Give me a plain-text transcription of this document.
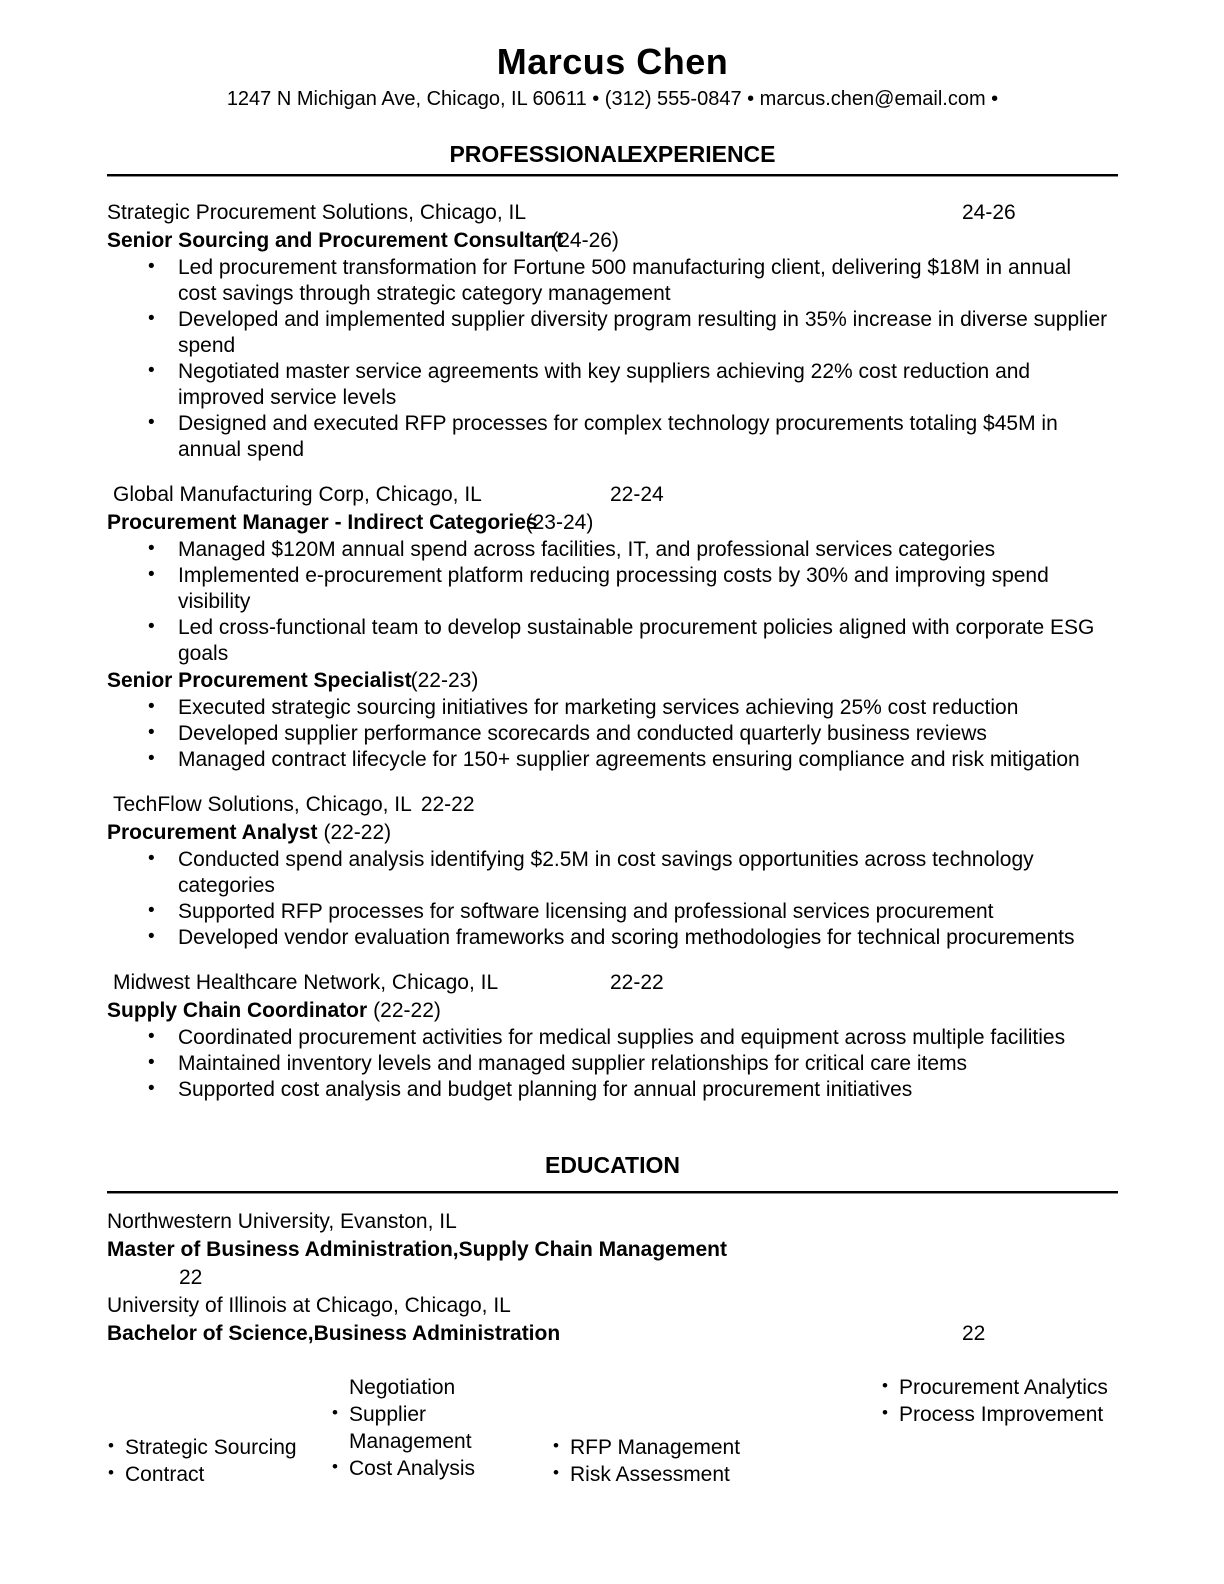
Marcus Chen
1247 N Michigan Ave, Chicago, IL 60611 • (312) 555-0847 • marcus.chen@email.com •
PROFESSIONAL EXPERIENCE
Strategic Procurement Solutions, Chicago, IL	24-26
Senior Sourcing and Procurement Consultant(24-26)
• Led procurement transformation for Fortune 500 manufacturing client, delivering $18M in annual cost savings through strategic category management
• Developed and implemented supplier diversity program resulting in 35% increase in diverse supplier spend
• Negotiated master service agreements with key suppliers achieving 22% cost reduction and improved service levels
• Designed and executed RFP processes for complex technology procurements totaling $45M in annual spend
Global Manufacturing Corp, Chicago, IL	22-24
Procurement Manager - Indirect Categories(23-24)
• Managed $120M annual spend across facilities, IT, and professional services categories
• Implemented e-procurement platform reducing processing costs by 30% and improving spend visibility
• Led cross-functional team to develop sustainable procurement policies aligned with corporate ESG goals
Senior Procurement Specialist(22-23)
• Executed strategic sourcing initiatives for marketing services achieving 25% cost reduction
• Developed supplier performance scorecards and conducted quarterly business reviews
• Managed contract lifecycle for 150+ supplier agreements ensuring compliance and risk mitigation
TechFlow Solutions, Chicago, IL 22-22
Procurement Analyst (22-22)
• Conducted spend analysis identifying $2.5M in cost savings opportunities across technology categories
• Supported RFP processes for software licensing and professional services procurement
• Developed vendor evaluation frameworks and scoring methodologies for technical procurements
Midwest Healthcare Network, Chicago, IL	22-22
Supply Chain Coordinator (22-22)
• Coordinated procurement activities for medical supplies and equipment across multiple facilities
• Maintained inventory levels and managed supplier relationships for critical care items
• Supported cost analysis and budget planning for annual procurement initiatives
EDUCATION
Northwestern University, Evanston, IL
Master of Business Administration,Supply Chain Management
22
University of Illinois at Chicago, Chicago, IL
Bachelor of Science,Business Administration	22
• Strategic Sourcing
• Contract
Negotiation
• Supplier Management
• Cost Analysis
• RFP Management
• Risk Assessment
• Procurement Analytics
• Process Improvement
